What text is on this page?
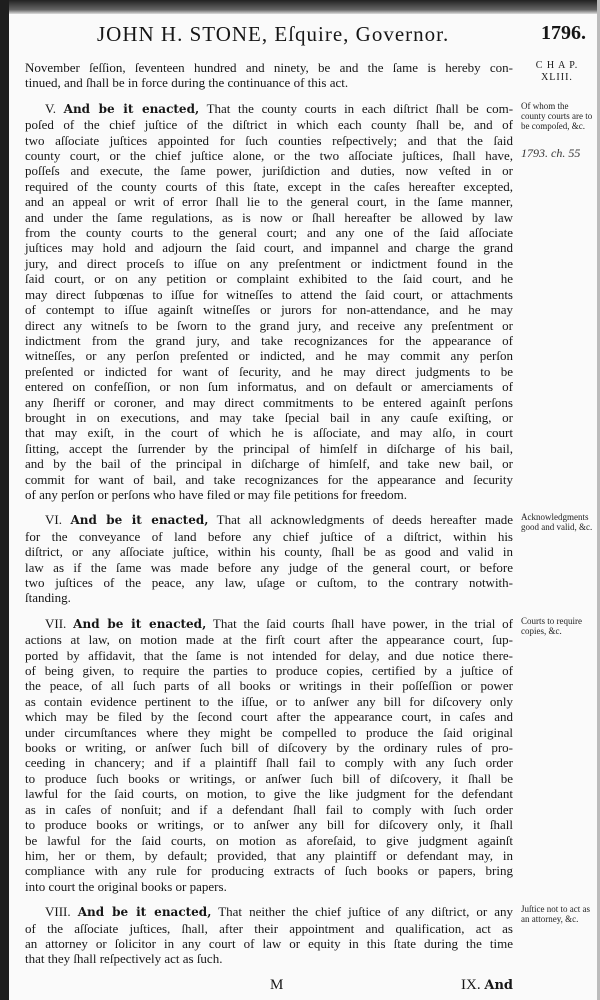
JOHN H. STONE, Eſquire, Governor.	1796.
November ſeſſion, ſeventeen hundred and ninety, be and the ſame is hereby con-
tinued, and ſhall be in force during the continuance of this act.
C H A P.
XLIII.
V. And be it enacted, That the county courts in each diſtrict ſhall be com-
poſed of the chief juſtice of the diſtrict in which each county ſhall be, and of
two aſſociate juſtices appointed for ſuch counties reſpectively; and that the ſaid
county court, or the chief juſtice alone, or the two aſſociate juſtices, ſhall have,
poſſeſs and execute, the ſame power, juriſdiction and duties, now veſted in or
required of the county courts of this ſtate, except in the caſes hereafter excepted,
and an appeal or writ of error ſhall lie to the general court, in the ſame manner,
and under the ſame regulations, as is now or ſhall hereafter be allowed by law
from the county courts to the general court; and any one of the ſaid aſſociate
juſtices may hold and adjourn the ſaid court, and impannel and charge the grand
jury, and direct proceſs to iſſue on any preſentment or indictment found in the
ſaid court, or on any petition or complaint exhibited to the ſaid court, and he
may direct ſubpœnas to iſſue for witneſſes to attend the ſaid court, or attachments
of contempt to iſſue againſt witneſſes or jurors for non-attendance, and he may
direct any witneſs to be ſworn to the grand jury, and receive any preſentment or
indictment from the grand jury, and take recognizances for the appearance of
witneſſes, or any perſon preſented or indicted, and he may commit any perſon
preſented or indicted for want of ſecurity, and he may direct judgments to be
entered on confeſſion, or non ſum informatus, and on default or amerciaments of
any ſheriff or coroner, and may direct commitments to be entered againſt perſons
brought in on executions, and may take ſpecial bail in any cauſe exiſting, or
that may exiſt, in the court of which he is aſſociate, and may alſo, in court
ſitting, accept the ſurrender by the principal of himſelf in diſcharge of his bail,
and by the bail of the principal in diſcharge of himſelf, and take new bail, or
commit for want of bail, and take recognizances for the appearance and ſecurity
of any perſon or perſons who have filed or may file petitions for freedom.
Of whom the county courts are to be compoſed, &c.
1793. ch. 55
VI. And be it enacted, That all acknowledgments of deeds hereafter made
for the conveyance of land before any chief juſtice of a diſtrict, within his
diſtrict, or any aſſociate juſtice, within his county, ſhall be as good and valid in
law as if the ſame was made before any judge of the general court, or before
two juſtices of the peace, any law, uſage or cuſtom, to the contrary notwith-
ſtanding.
Acknowledgments good and valid, &c.
VII. And be it enacted, That the ſaid courts ſhall have power, in the trial of
actions at law, on motion made at the firſt court after the appearance court, ſup-
ported by affidavit, that the ſame is not intended for delay, and due notice there-
of being given, to require the parties to produce copies, certified by a juſtice of
the peace, of all ſuch parts of all books or writings in their poſſeſſion or power
as contain evidence pertinent to the iſſue, or to anſwer any bill for diſcovery only
which may be filed by the ſecond court after the appearance court, in caſes and
under circumſtances where they might be compelled to produce the ſaid original
books or writing, or anſwer ſuch bill of diſcovery by the ordinary rules of pro-
ceeding in chancery; and if a plaintiff ſhall fail to comply with any ſuch order
to produce ſuch books or writings, or anſwer ſuch bill of diſcovery, it ſhall be
lawful for the ſaid courts, on motion, to give the like judgment for the defendant
as in caſes of nonſuit; and if a defendant ſhall fail to comply with ſuch order
to produce books or writings, or to anſwer any bill for diſcovery only, it ſhall
be lawful for the ſaid courts, on motion as aforeſaid, to give judgment againſt
him, her or them, by default; provided, that any plaintiff or defendant may, in
compliance with any rule for producing extracts of ſuch books or papers, bring
into court the original books or papers.
Courts to require copies, &c.
VIII. And be it enacted, That neither the chief juſtice of any diſtrict, or any
of the aſſociate juſtices, ſhall, after their appointment and qualification, act as
an attorney or ſolicitor in any court of law or equity in this ſtate during the time
that they ſhall reſpectively act as ſuch.
Juſtice not to act as an attorney, &c.
M	IX. And
